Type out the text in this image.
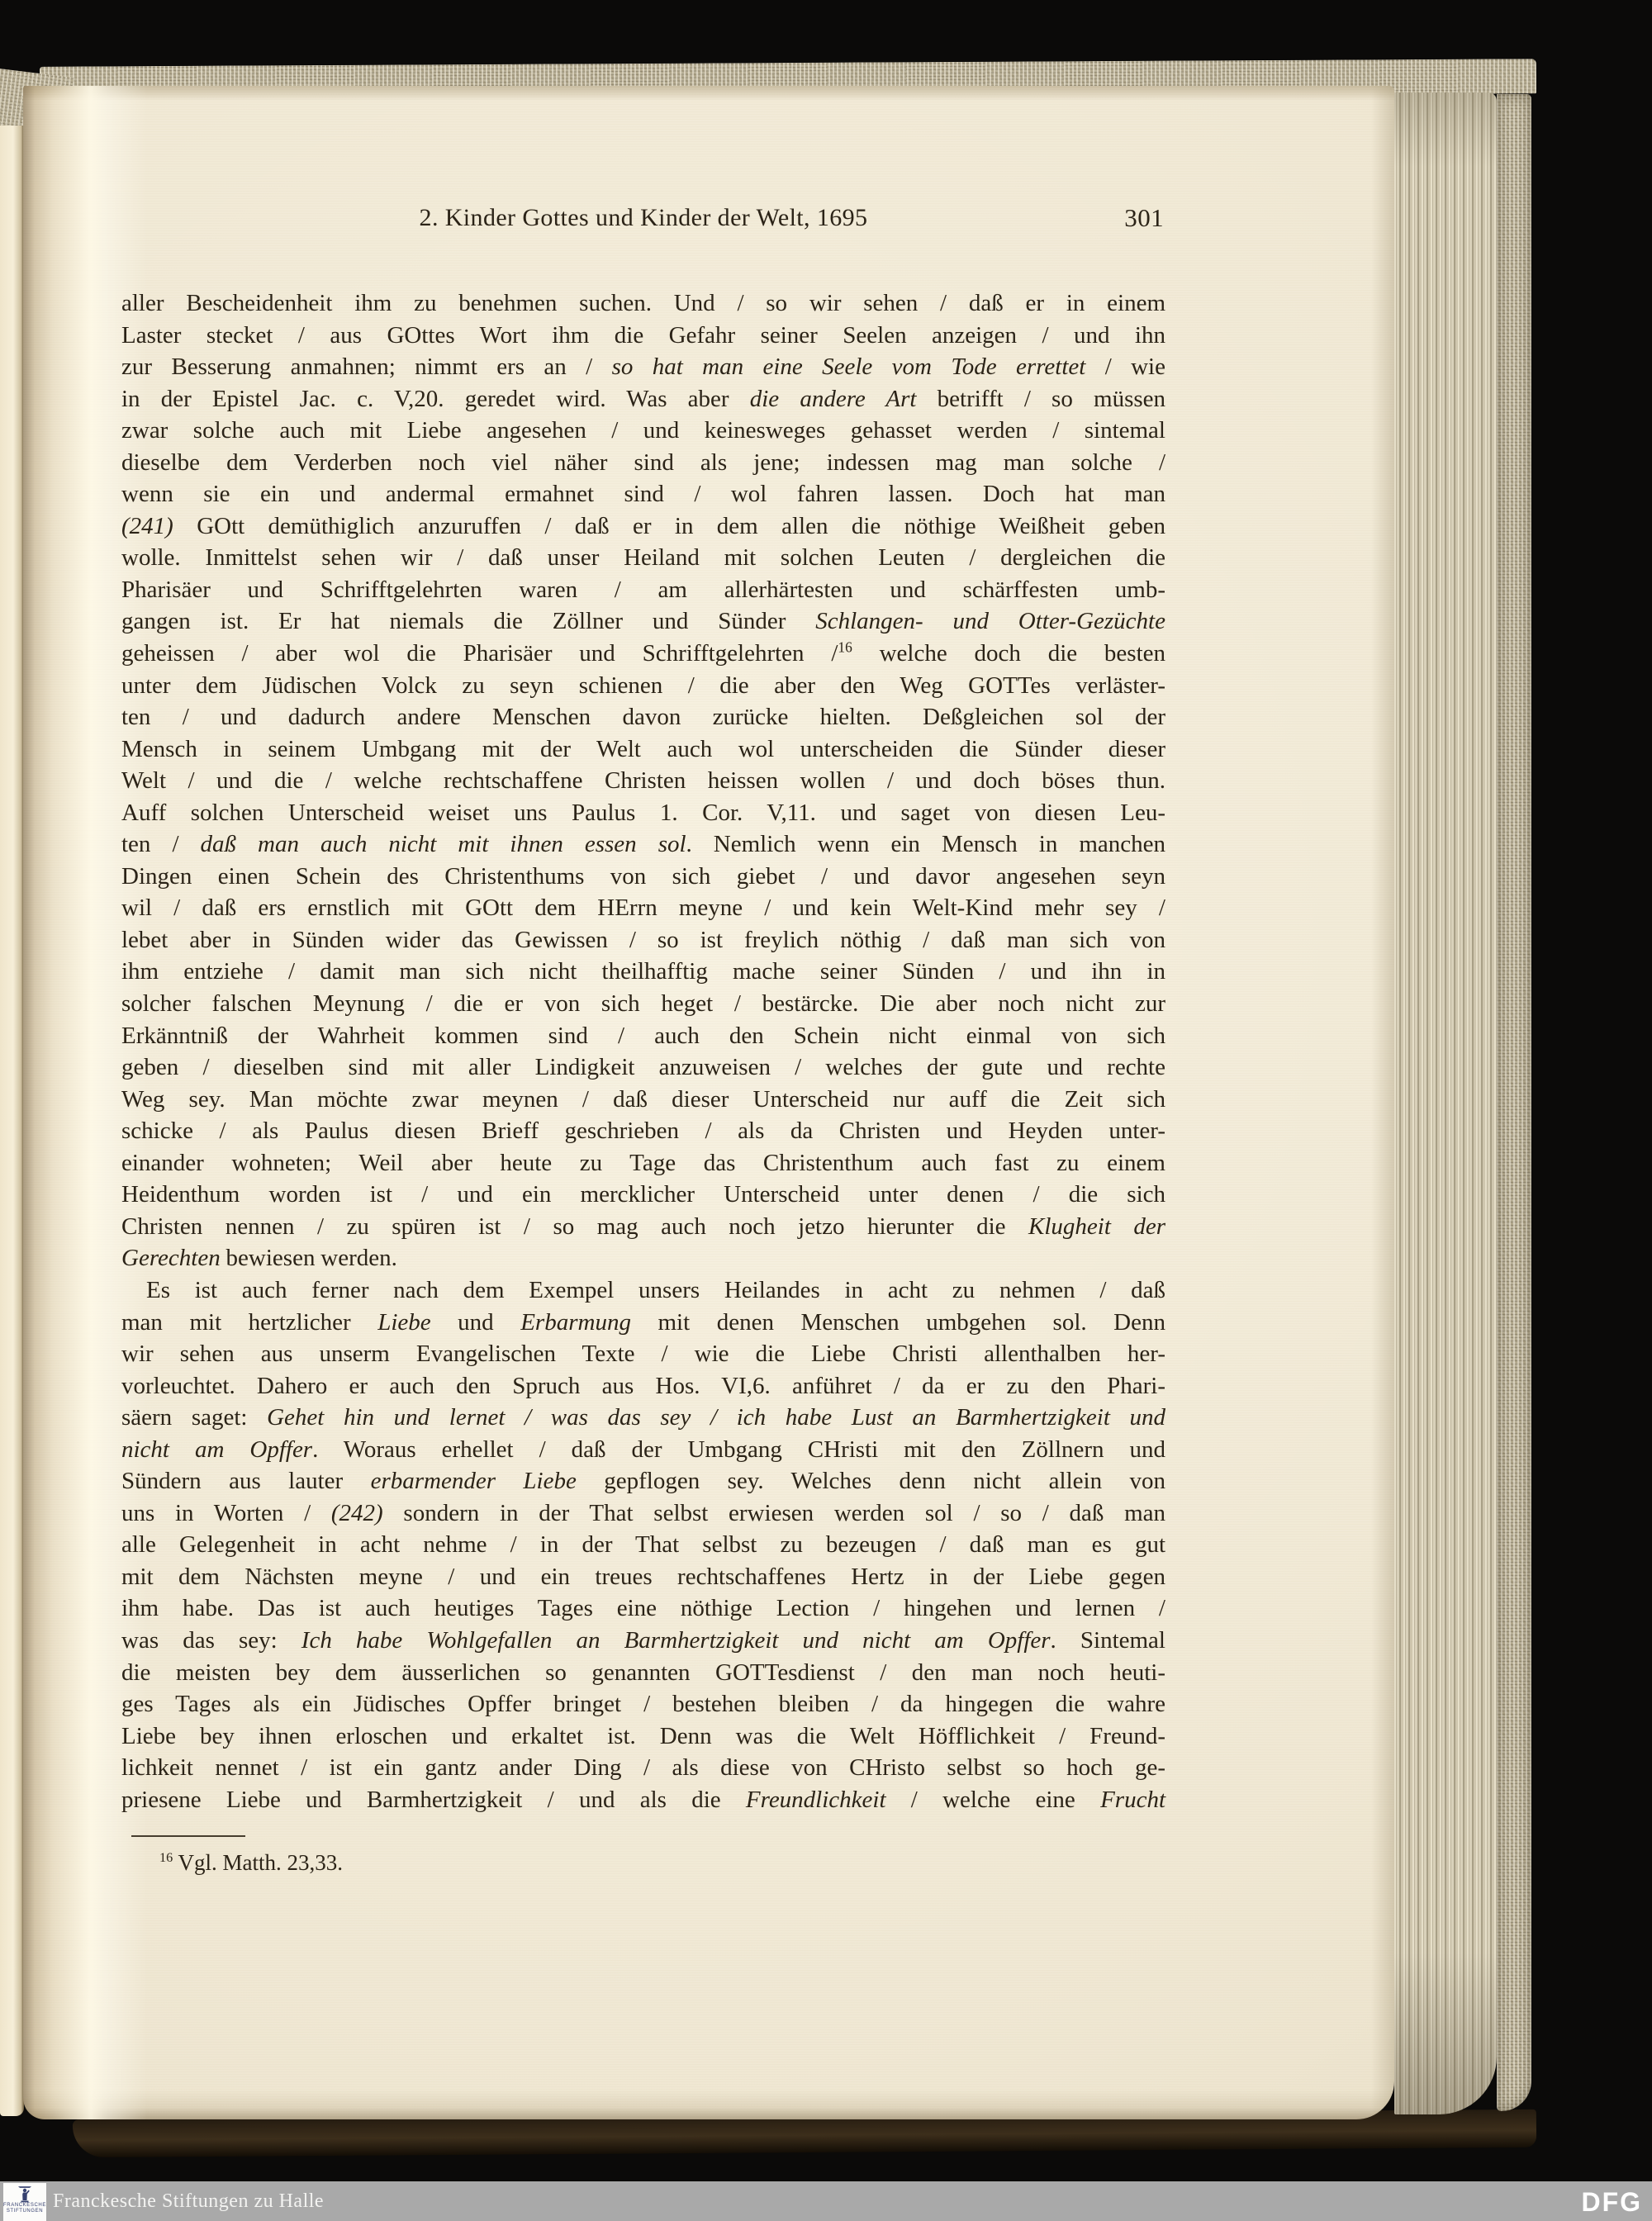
2. Kinder Gottes und Kinder der Welt, 1695	301
aller Bescheidenheit ihm zu benehmen suchen. Und / so wir sehen / daß er in einem
Laster stecket / aus GOttes Wort ihm die Gefahr seiner Seelen anzeigen / und ihn
zur Besserung anmahnen; nimmt ers an / so hat man eine Seele vom Tode errettet / wie
in der Epistel Jac. c. V,20. geredet wird. Was aber die andere Art betrifft / so müssen
zwar solche auch mit Liebe angesehen / und keinesweges gehasset werden / sintemal
dieselbe dem Verderben noch viel näher sind als jene; indessen mag man solche /
wenn sie ein und andermal ermahnet sind / wol fahren lassen. Doch hat man
(241) GOtt demüthiglich anzuruffen / daß er in dem allen die nöthige Weißheit geben
wolle. Inmittelst sehen wir / daß unser Heiland mit solchen Leuten / dergleichen die
Pharisäer und Schrifftgelehrten waren / am allerhärtesten und schärffesten umb-
gangen ist. Er hat niemals die Zöllner und Sünder Schlangen- und Otter-Gezüchte
geheissen / aber wol die Pharisäer und Schrifftgelehrten /$^{16}$ welche doch die besten
unter dem Jüdischen Volck zu seyn schienen / die aber den Weg GOTTes verläster-
ten / und dadurch andere Menschen davon zurücke hielten. Deßgleichen sol der
Mensch in seinem Umbgang mit der Welt auch wol unterscheiden die Sünder dieser
Welt / und die / welche rechtschaffene Christen heissen wollen / und doch böses thun.
Auff solchen Unterscheid weiset uns Paulus 1. Cor. V,11. und saget von diesen Leu-
ten / daß man auch nicht mit ihnen essen sol. Nemlich wenn ein Mensch in manchen
Dingen einen Schein des Christenthums von sich giebet / und davor angesehen seyn
wil / daß ers ernstlich mit GOtt dem HErrn meyne / und kein Welt-Kind mehr sey /
lebet aber in Sünden wider das Gewissen / so ist freylich nöthig / daß man sich von
ihm entziehe / damit man sich nicht theilhafftig mache seiner Sünden / und ihn in
solcher falschen Meynung / die er von sich heget / bestärcke. Die aber noch nicht zur
Erkänntniß der Wahrheit kommen sind / auch den Schein nicht einmal von sich
geben / dieselben sind mit aller Lindigkeit anzuweisen / welches der gute und rechte
Weg sey. Man möchte zwar meynen / daß dieser Unterscheid nur auff die Zeit sich
schicke / als Paulus diesen Brieff geschrieben / als da Christen und Heyden unter-
einander wohneten; Weil aber heute zu Tage das Christenthum auch fast zu einem
Heidenthum worden ist / und ein mercklicher Unterscheid unter denen / die sich
Christen nennen / zu spüren ist / so mag auch noch jetzo hierunter die Klugheit der
Gerechten bewiesen werden.
Es ist auch ferner nach dem Exempel unsers Heilandes in acht zu nehmen / daß
man mit hertzlicher Liebe und Erbarmung mit denen Menschen umbgehen sol. Denn
wir sehen aus unserm Evangelischen Texte / wie die Liebe Christi allenthalben her-
vorleuchtet. Dahero er auch den Spruch aus Hos. VI,6. anführet / da er zu den Phari-
säern saget: Gehet hin und lernet / was das sey / ich habe Lust an Barmhertzigkeit und
nicht am Opffer. Woraus erhellet / daß der Umbgang CHristi mit den Zöllnern und
Sündern aus lauter erbarmender Liebe gepflogen sey. Welches denn nicht allein von
uns in Worten / (242) sondern in der That selbst erwiesen werden sol / so / daß man
alle Gelegenheit in acht nehme / in der That selbst zu bezeugen / daß man es gut
mit dem Nächsten meyne / und ein treues rechtschaffenes Hertz in der Liebe gegen
ihm habe. Das ist auch heutiges Tages eine nöthige Lection / hingehen und lernen /
was das sey: Ich habe Wohlgefallen an Barmhertzigkeit und nicht am Opffer. Sintemal
die meisten bey dem äusserlichen so genannten GOTTesdienst / den man noch heuti-
ges Tages als ein Jüdisches Opffer bringet / bestehen bleiben / da hingegen die wahre
Liebe bey ihnen erloschen und erkaltet ist. Denn was die Welt Höfflichkeit / Freund-
lichkeit nennet / ist ein gantz ander Ding / als diese von CHristo selbst so hoch ge-
priesene Liebe und Barmhertzigkeit / und als die Freundlichkeit / welche eine Frucht
$^{16}$ Vgl. Matth. 23,33.
FRANCKESCHE
STIFTUNGEN Franckesche Stiftungen zu Halle	DFG
